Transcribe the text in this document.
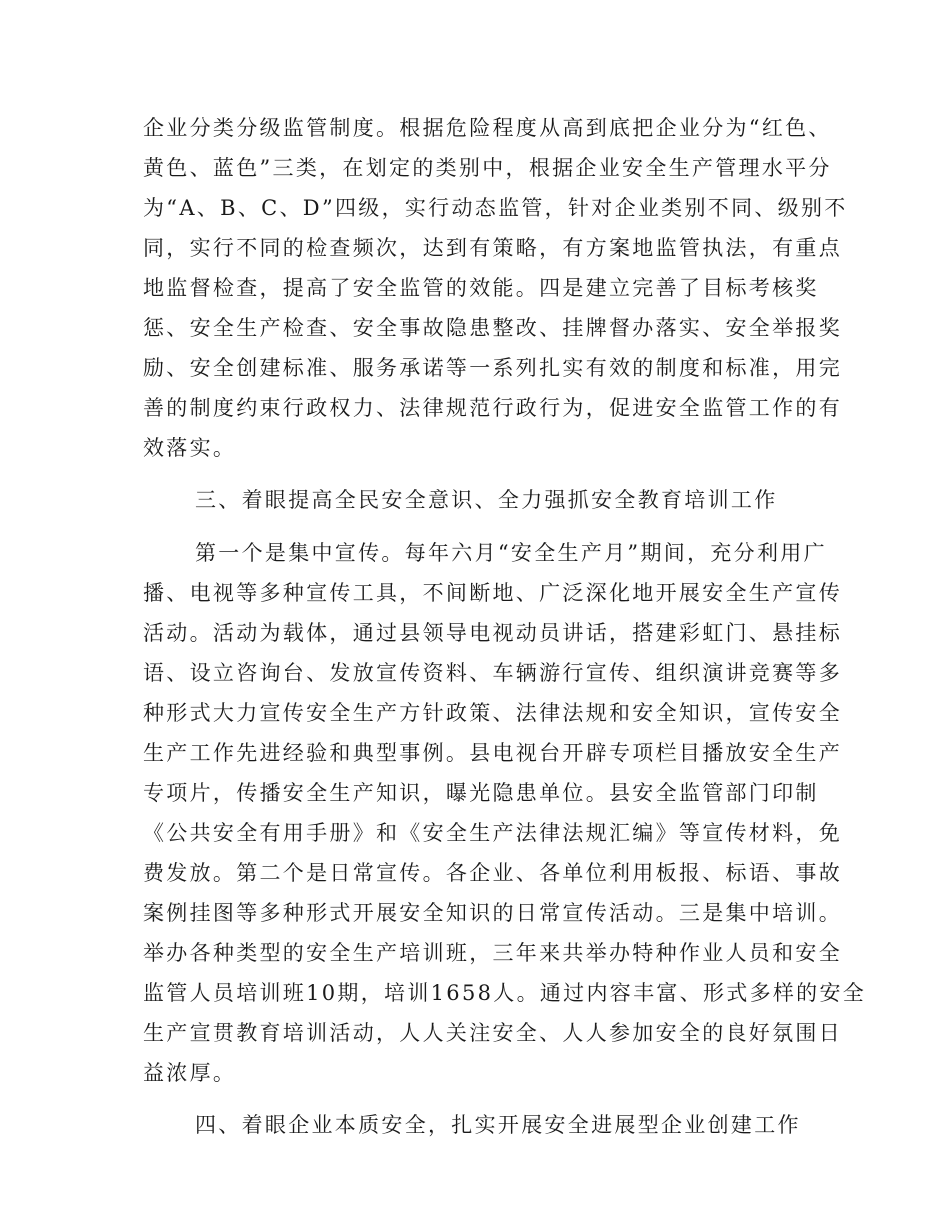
企业分类分级监管制度。根据危险程度从高到底把企业分为“红色、
黄色、蓝色”三类，在划定的类别中，根据企业安全生产管理水平分
为“A、B、C、D”四级，实行动态监管，针对企业类别不同、级别不
同，实行不同的检查频次，达到有策略，有方案地监管执法，有重点
地监督检查，提高了安全监管的效能。四是建立完善了目标考核奖
惩、安全生产检查、安全事故隐患整改、挂牌督办落实、安全举报奖
励、安全创建标准、服务承诺等一系列扎实有效的制度和标准，用完
善的制度约束行政权力、法律规范行政行为，促进安全监管工作的有
效落实。
三、着眼提高全民安全意识、全力强抓安全教育培训工作
第一个是集中宣传。每年六月“安全生产月”期间，充分利用广
播、电视等多种宣传工具，不间断地、广泛深化地开展安全生产宣传
活动。活动为载体，通过县领导电视动员讲话，搭建彩虹门、悬挂标
语、设立咨询台、发放宣传资料、车辆游行宣传、组织演讲竞赛等多
种形式大力宣传安全生产方针政策、法律法规和安全知识，宣传安全
生产工作先进经验和典型事例。县电视台开辟专项栏目播放安全生产
专项片，传播安全生产知识，曝光隐患单位。县安全监管部门印制
《公共安全有用手册》和《安全生产法律法规汇编》等宣传材料，免
费发放。第二个是日常宣传。各企业、各单位利用板报、标语、事故
案例挂图等多种形式开展安全知识的日常宣传活动。三是集中培训。
举办各种类型的安全生产培训班，三年来共举办特种作业人员和安全
监管人员培训班10期，培训1658人。通过内容丰富、形式多样的安全
生产宣贯教育培训活动，人人关注安全、人人参加安全的良好氛围日
益浓厚。
四、着眼企业本质安全，扎实开展安全进展型企业创建工作
